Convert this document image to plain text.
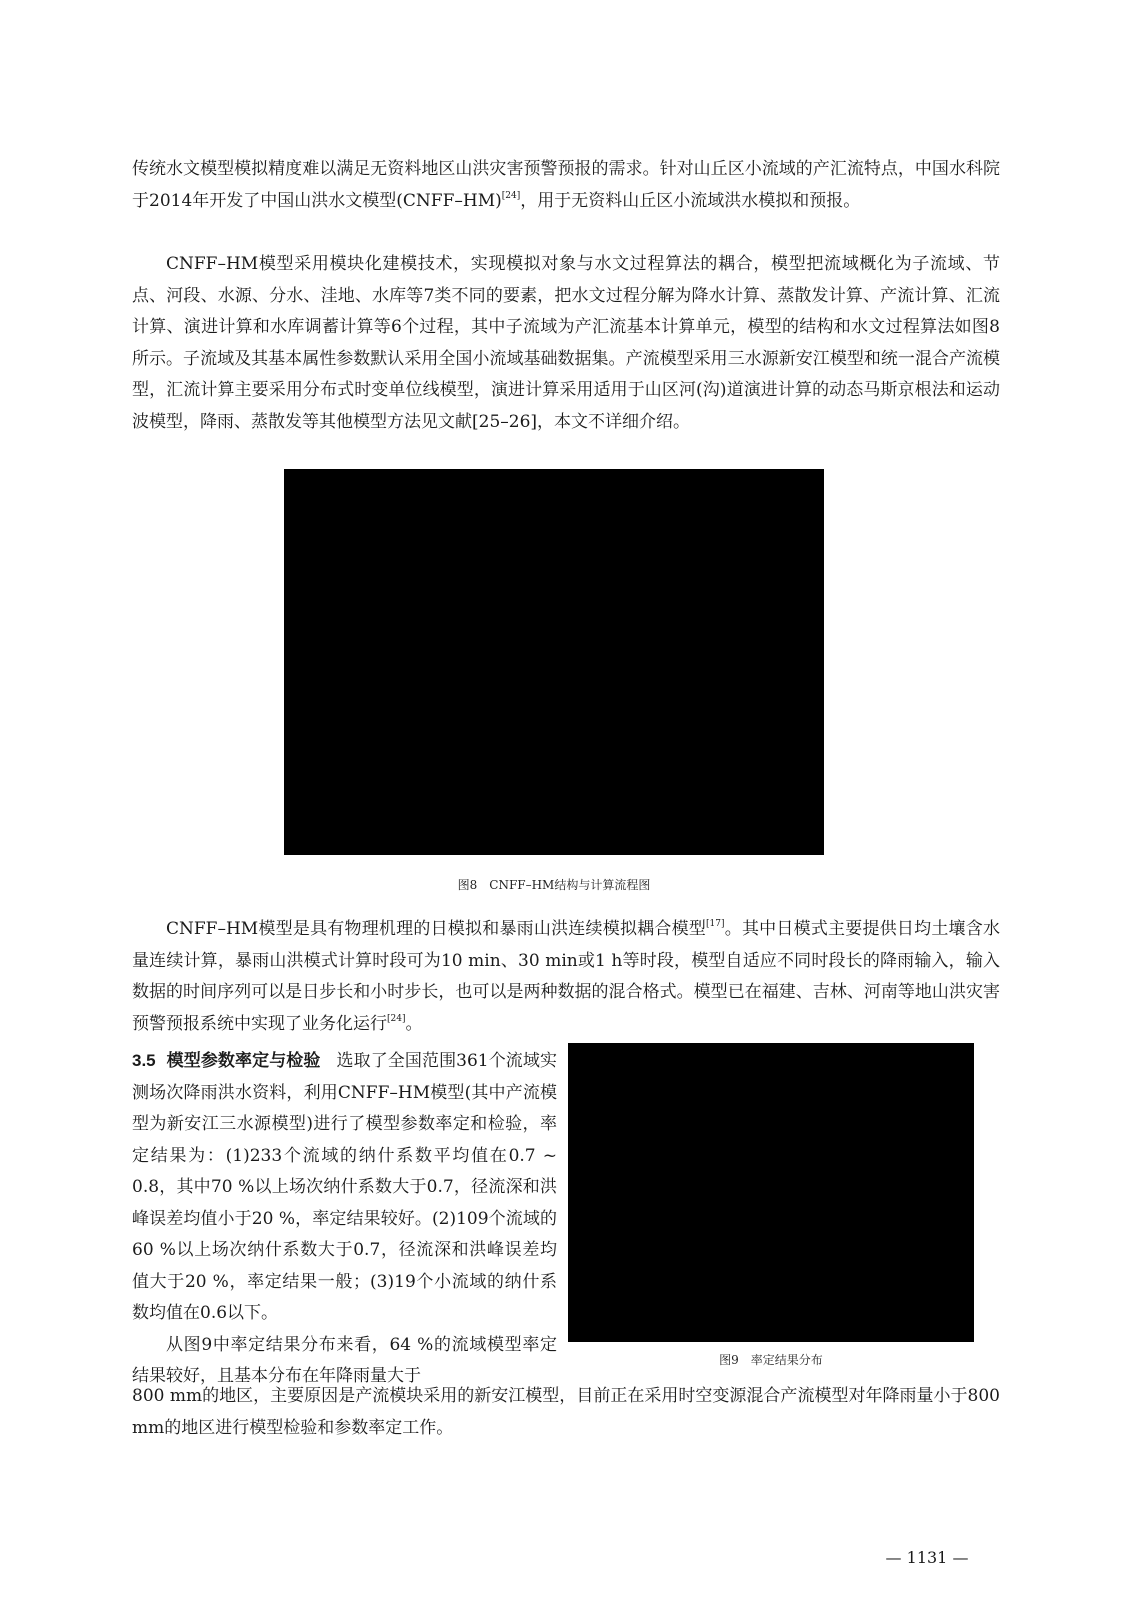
传统水文模型模拟精度难以满足无资料地区山洪灾害预警预报的需求。针对山丘区小流域的产汇流特点，中国水科院于2014年开发了中国山洪水文模型(CNFF–HM)[24]，用于无资料山丘区小流域洪水模拟和预报。

CNFF–HM模型采用模块化建模技术，实现模拟对象与水文过程算法的耦合，模型把流域概化为子流域、节点、河段、水源、分水、洼地、水库等7类不同的要素，把水文过程分解为降水计算、蒸散发计算、产流计算、汇流计算、演进计算和水库调蓄计算等6个过程，其中子流域为产汇流基本计算单元，模型的结构和水文过程算法如图8所示。子流域及其基本属性参数默认采用全国小流域基础数据集。产流模型采用三水源新安江模型和统一混合产流模型，汇流计算主要采用分布式时变单位线模型，演进计算采用适用于山区河(沟)道演进计算的动态马斯京根法和运动波模型，降雨、蒸散发等其他模型方法见文献[25–26]，本文不详细介绍。

图8　CNFF–HM结构与计算流程图

CNFF–HM模型是具有物理机理的日模拟和暴雨山洪连续模拟耦合模型[17]。其中日模式主要提供日均土壤含水量连续计算，暴雨山洪模式计算时段可为10 min、30 min或1 h等时段，模型自适应不同时段长的降雨输入，输入数据的时间序列可以是日步长和小时步长，也可以是两种数据的混合格式。模型已在福建、吉林、河南等地山洪灾害预警预报系统中实现了业务化运行[24]。

3.5 模型参数率定与检验 选取了全国范围361个流域实测场次降雨洪水资料，利用CNFF–HM模型(其中产流模型为新安江三水源模型)进行了模型参数率定和检验，率定结果为：(1)233个流域的纳什系数平均值在0.7 ~ 0.8，其中70 %以上场次纳什系数大于0.7，径流深和洪峰误差均值小于20 %，率定结果较好。(2)109个流域的60 %以上场次纳什系数大于0.7，径流深和洪峰误差均值大于20 %，率定结果一般；(3)19个小流域的纳什系数均值在0.6以下。

从图9中率定结果分布来看，64 %的流域模型率定结果较好，且基本分布在年降雨量大于

图9　率定结果分布

800 mm的地区，主要原因是产流模块采用的新安江模型，目前正在采用时空变源混合产流模型对年降雨量小于800 mm的地区进行模型检验和参数率定工作。

— 1131 —
